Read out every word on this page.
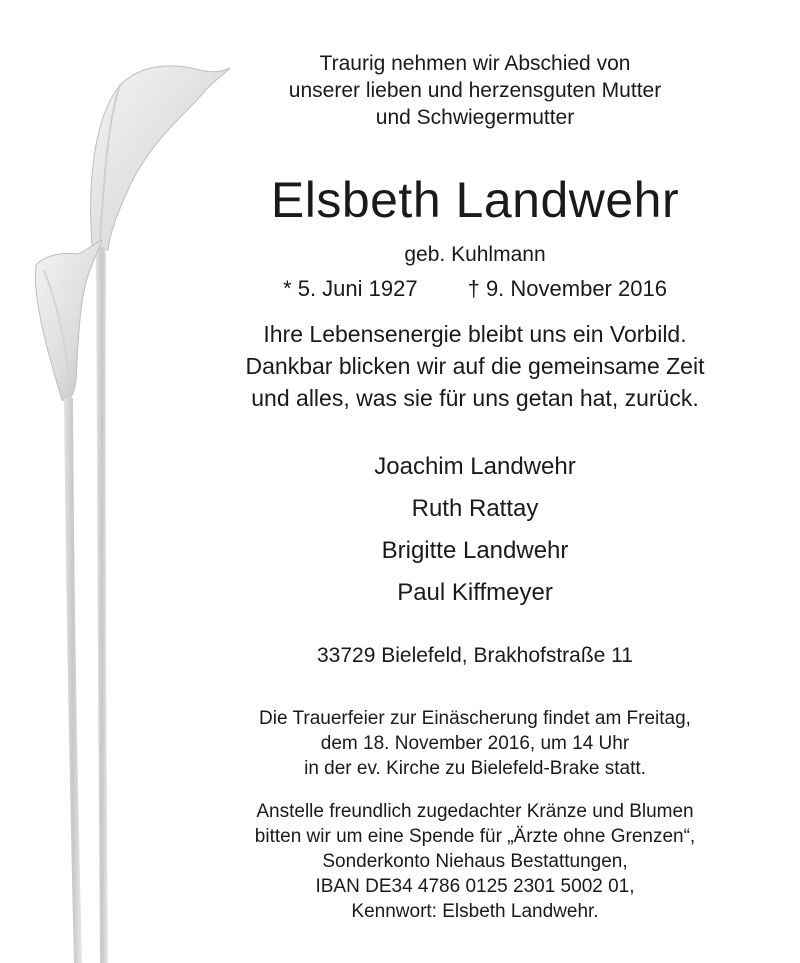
Traurig nehmen wir Abschied von
unserer lieben und herzensguten Mutter
und Schwiegermutter
Elsbeth Landwehr
geb. Kuhlmann
* 5. Juni 1927 † 9. November 2016
Ihre Lebensenergie bleibt uns ein Vorbild.
Dankbar blicken wir auf die gemeinsame Zeit
und alles, was sie für uns getan hat, zurück.
Joachim Landwehr
Ruth Rattay
Brigitte Landwehr
Paul Kiffmeyer
33729 Bielefeld, Brakhofstraße 11
Die Trauerfeier zur Einäscherung findet am Freitag,
dem 18. November 2016, um 14 Uhr
in der ev. Kirche zu Bielefeld-Brake statt.
Anstelle freundlich zugedachter Kränze und Blumen
bitten wir um eine Spende für „Ärzte ohne Grenzen“,
Sonderkonto Niehaus Bestattungen,
IBAN DE34 4786 0125 2301 5002 01,
Kennwort: Elsbeth Landwehr.
